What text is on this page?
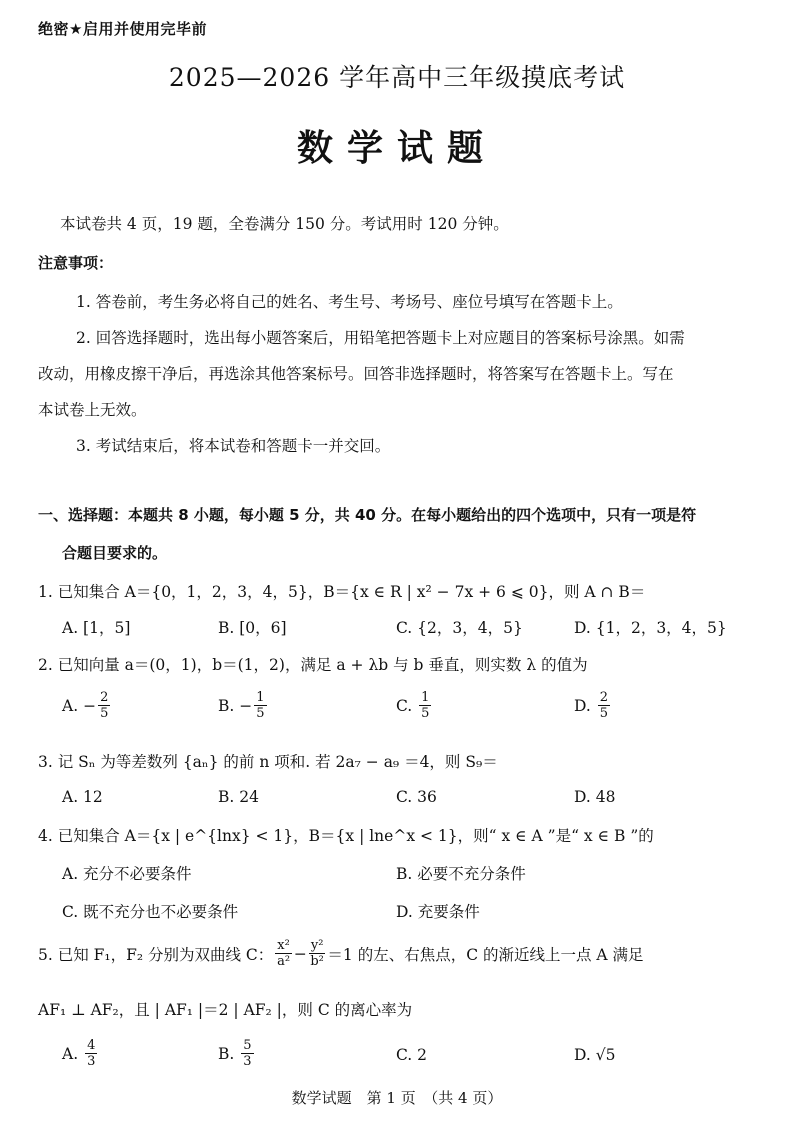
绝密★启用并使用完毕前
2025—2026 学年高中三年级摸底考试
数学试题
本试卷共 4 页，19 题，全卷满分 150 分。考试用时 120 分钟。
注意事项：
1. 答卷前，考生务必将自己的姓名、考生号、考场号、座位号填写在答题卡上。
2. 回答选择题时，选出每小题答案后，用铅笔把答题卡上对应题目的答案标号涂黑。如需
改动，用橡皮擦干净后，再选涂其他答案标号。回答非选择题时，将答案写在答题卡上。写在
本试卷上无效。
3. 考试结束后，将本试卷和答题卡一并交回。
一、选择题：本题共 8 小题，每小题 5 分，共 40 分。在每小题给出的四个选项中，只有一项是符
合题目要求的。
1. 已知集合 A＝{0，1，2，3，4，5}，B＝{x ∈ R | x² − 7x + 6 ⩽ 0}，则 A ∩ B＝
A. [1，5]	B. [0，6]	C. {2，3，4，5}	D. {1，2，3，4，5}
2. 已知向量 a＝(0，1)，b＝(1，2)，满足 a + λb 与 b 垂直，则实数 λ 的值为
A.
− $\frac{2}{5}$	B.
− $\frac{1}{5}$	C.
$\frac{1}{5}$	D.
$\frac{2}{5}$
3. 记 Sₙ 为等差数列 {aₙ} 的前 n 项和. 若 2a₇ − a₉ ＝4，则 S₉＝
A. 12	B. 24	C. 36	D. 48
4. 已知集合 A＝{x | e^{lnx} < 1}，B＝{x | lne^x < 1}，则“ x ∈ A ”是“ x ∈ B ”的
A. 充分不必要条件	B. 必要不充分条件
C. 既不充分也不必要条件	D. 充要条件
5. 已知 F₁，F₂ 分别为双曲线 C： $\frac{\text{x²}}{\text{a²}} - \frac{\text{y²}}{\text{b²}} =1$ 的左、右焦点，C 的渐近线上一点 A 满足
AF₁ ⊥ AF₂，且 | AF₁ |＝2 | AF₂ |，则 C 的离心率为
A.
$\frac{4}{3}$	B.
$\frac{5}{3}$	C. 2	D. √5
数学试题　第 1 页　（共 4 页）
